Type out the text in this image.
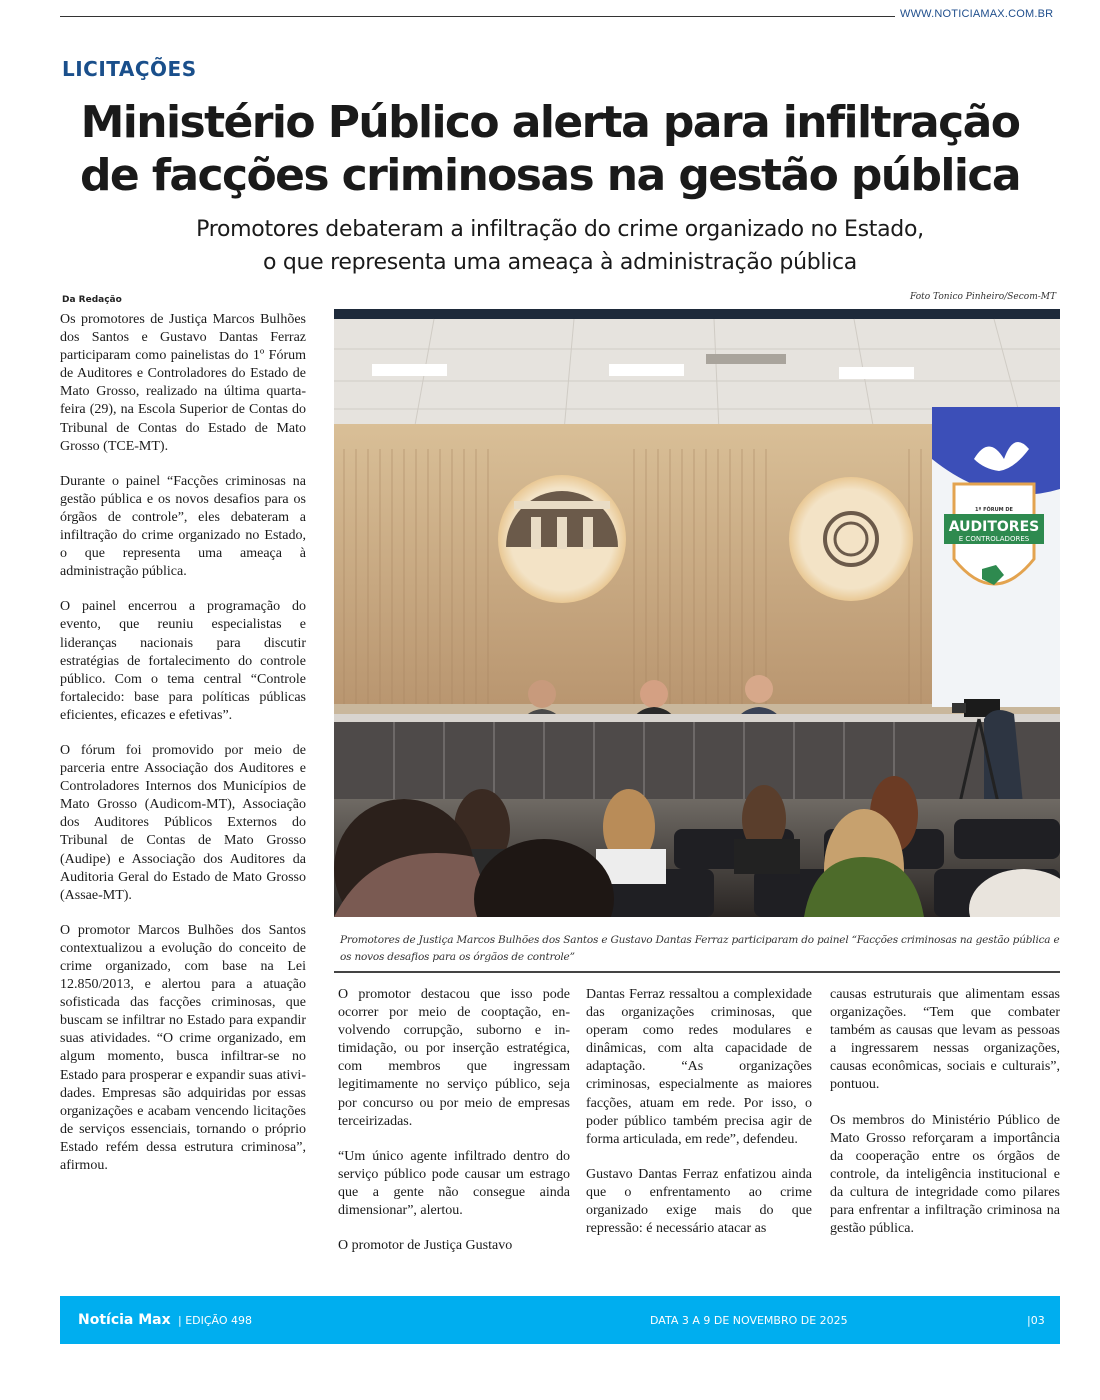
WWW.NOTICIAMAX.COM.BR
LICITAÇÕES
Ministério Público alerta para infiltração
de facções criminosas na gestão pública
Promotores debateram a infiltração do crime organizado no Estado,
o que representa uma ameaça à administração pública
Da Redação	Foto Tonico Pinheiro/Secom-MT

Os promotores de Justiça Marcos Bulhões dos Santos e Gustavo Dantas Ferraz participaram como painelistas do 1º Fórum de Auditores e Controladores do Estado de Mato Grosso, realizado na última quarta-feira (29), na Escola Superior de Contas do Tribunal de Contas do Estado de Mato Grosso (TCE-MT).

Durante o painel “Facções criminosas na gestão pública e os novos desafios para os órgãos de controle”, eles debateram a infiltração do crime organizado no Estado, o que representa uma ameaça à administração pública.

O painel encerrou a programação do evento, que reuniu especialistas e lideranças nacionais para discutir estratégias de fortalecimento do controle público. Com o tema central “Controle fortalecido: base para políticas públicas eficientes, eficazes e efetivas”.

O fórum foi promovido por meio de parceria entre Associação dos Auditores e Controladores Internos dos Municípios de Mato Grosso (Audicom-MT), Associação dos Auditores Públicos Externos do Tribunal de Contas de Mato Grosso (Audipe) e Associação dos Auditores da Auditoria Geral do Estado de Mato Grosso (Assae-MT).

O promotor Marcos Bulhões dos Santos contextualizou a evolução do conceito de crime organizado, com base na Lei 12.850/2013, e alertou para a atuação sofisticada das facções criminosas, que buscam se infiltrar no Estado para expandir suas atividades. “O crime organizado, em algum momento, busca infiltrar-se no Estado para prosperar e expandir suas atividades. Empresas são adquiridas por essas organizações e acabam vencendo licitações de serviços essenciais, tornando o próprio Estado refém dessa estrutura criminosa”, afirmou.

1º FÓRUM DE
AUDITORES
E CONTROLADORES
Promotores de Justiça Marcos Bulhões dos Santos e Gustavo Dantas Ferraz participaram do painel “Facções criminosas na gestão pública e os novos desafios para os órgãos de controle”

O promotor destacou que isso pode ocorrer por meio de cooptação, envolvendo corrupção, suborno e intimidação, ou por inserção estratégica, com membros que ingressam legitimamente no serviço público, seja por concurso ou por meio de empresas terceirizadas.

“Um único agente infiltrado dentro do serviço público pode causar um estrago que a gente não consegue ainda dimensionar”, alertou.

O promotor de Justiça Gustavo

Dantas Ferraz ressaltou a complexidade das organizações criminosas, que operam como redes modulares e dinâmicas, com alta capacidade de adaptação. “As organizações criminosas, especialmente as maiores facções, atuam em rede. Por isso, o poder público também precisa agir de forma articulada, em rede”, defendeu.

Gustavo Dantas Ferraz enfatizou ainda que o enfrentamento ao crime organizado exige mais do que repressão: é necessário atacar as

causas estruturais que alimentam essas organizações. “Tem que combater também as causas que levam as pessoas a ingressarem nessas organizações, causas econômicas, sociais e culturais”, pontuou.

Os membros do Ministério Público de Mato Grosso reforçaram a importância da cooperação entre os órgãos de controle, da inteligência institucional e da cultura de integridade como pilares para enfrentar a infiltração criminosa na gestão pública.

Notícia Max | EDIÇÃO 498	DATA 3 A 9 DE NOVEMBRO DE 2025	|03
